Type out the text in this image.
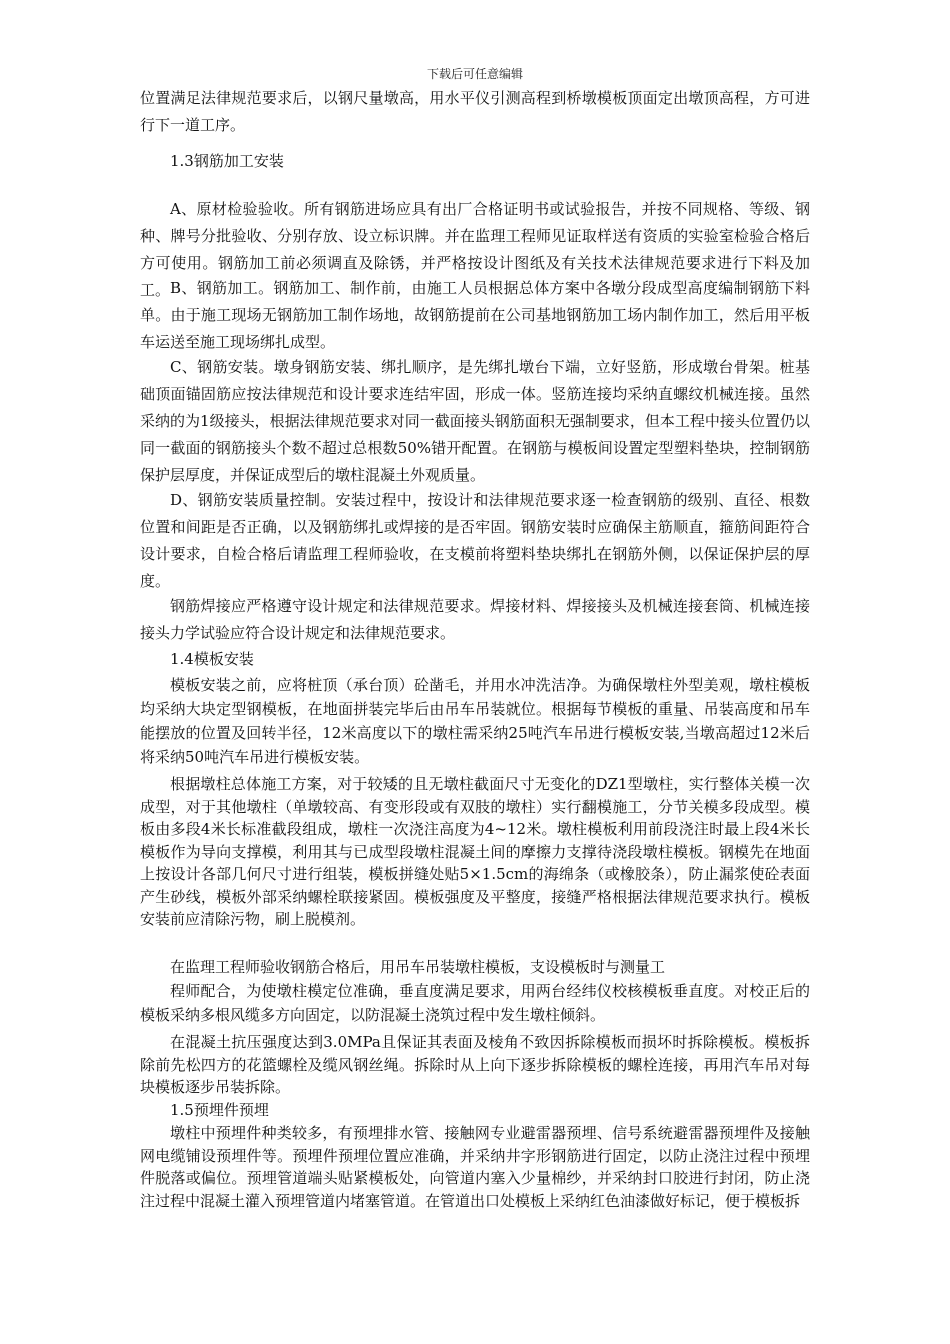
下载后可任意编辑

位置满足法律规范要求后，以钢尺量墩高，用水平仪引测高程到桥墩模板顶面定出墩顶高程，方可进行下一道工序。

1.3钢筋加工安装

A、原材检验验收。所有钢筋进场应具有出厂合格证明书或试验报告，并按不同规格、等级、钢种、牌号分批验收、分别存放、设立标识牌。并在监理工程师见证取样送有资质的实验室检验合格后方可使用。钢筋加工前必须调直及除锈，并严格按设计图纸及有关技术法律规范要求进行下料及加工。 B、钢筋加工。钢筋加工、制作前，由施工人员根据总体方案中各墩分段成型高度编制钢筋下料单。由于施工现场无钢筋加工制作场地，故钢筋提前在公司基地钢筋加工场内制作加工，然后用平板车运送至施工现场绑扎成型。

C、钢筋安装。墩身钢筋安装、绑扎顺序，是先绑扎墩台下端，立好竖筋，形成墩台骨架。桩基础顶面锚固筋应按法律规范和设计要求连结牢固，形成一体。竖筋连接均采纳直螺纹机械连接。虽然采纳的为1级接头，根据法律规范要求对同一截面接头钢筋面积无强制要求，但本工程中接头位置仍以同一截面的钢筋接头个数不超过总根数50%错开配置。在钢筋与模板间设置定型塑料垫块，控制钢筋保护层厚度，并保证成型后的墩柱混凝土外观质量。

D、钢筋安装质量控制。安装过程中，按设计和法律规范要求逐一检查钢筋的级别、直径、根数位置和间距是否正确，以及钢筋绑扎或焊接的是否牢固。钢筋安装时应确保主筋顺直，箍筋间距符合设计要求，自检合格后请监理工程师验收，在支模前将塑料垫块绑扎在钢筋外侧，以保证保护层的厚度。

钢筋焊接应严格遵守设计规定和法律规范要求。焊接材料、焊接接头及机械连接套筒、机械连接接头力学试验应符合设计规定和法律规范要求。

1.4模板安装

模板安装之前，应将桩顶（承台顶）砼凿毛，并用水冲洗洁净。为确保墩柱外型美观，墩柱模板均采纳大块定型钢模板，在地面拼装完毕后由吊车吊装就位。根据每节模板的重量、吊装高度和吊车能摆放的位置及回转半径，12米高度以下的墩柱需采纳25吨汽车吊进行模板安装,当墩高超过12米后将采纳50吨汽车吊进行模板安装。

根据墩柱总体施工方案，对于较矮的且无墩柱截面尺寸无变化的DZ1型墩柱，实行整体关模一次成型，对于其他墩柱（单墩较高、有变形段或有双肢的墩柱）实行翻模施工，分节关模多段成型。模板由多段4米长标准截段组成，墩柱一次浇注高度为4~12米。墩柱模板利用前段浇注时最上段4米长模板作为导向支撑模，利用其与已成型段墩柱混凝土间的摩擦力支撑待浇段墩柱模板。钢模先在地面上按设计各部几何尺寸进行组装，模板拼缝处贴5×1.5cm的海绵条（或橡胶条），防止漏浆使砼表面产生砂线，模板外部采纳螺栓联接紧固。模板强度及平整度，接缝严格根据法律规范要求执行。模板安装前应清除污物，刷上脱模剂。

在监理工程师验收钢筋合格后，用吊车吊装墩柱模板，支设模板时与测量工

程师配合，为使墩柱模定位准确，垂直度满足要求，用两台经纬仪校核模板垂直度。对校正后的模板采纳多根风缆多方向固定，以防混凝土浇筑过程中发生墩柱倾斜。

在混凝土抗压强度达到3.0MPa且保证其表面及棱角不致因拆除模板而损坏时拆除模板。模板拆除前先松四方的花篮螺栓及缆风钢丝绳。拆除时从上向下逐步拆除模板的螺栓连接，再用汽车吊对每块模板逐步吊装拆除。

1.5预埋件预埋

墩柱中预埋件种类较多，有预埋排水管、接触网专业避雷器预埋、信号系统避雷器预埋件及接触网电缆铺设预埋件等。预埋件预埋位置应准确，并采纳井字形钢筋进行固定，以防止浇注过程中预埋件脱落或偏位。预埋管道端头贴紧模板处，向管道内塞入少量棉纱，并采纳封口胶进行封闭，防止浇注过程中混凝土灌入预埋管道内堵塞管道。在管道出口处模板上采纳红色油漆做好标记，便于模板拆
